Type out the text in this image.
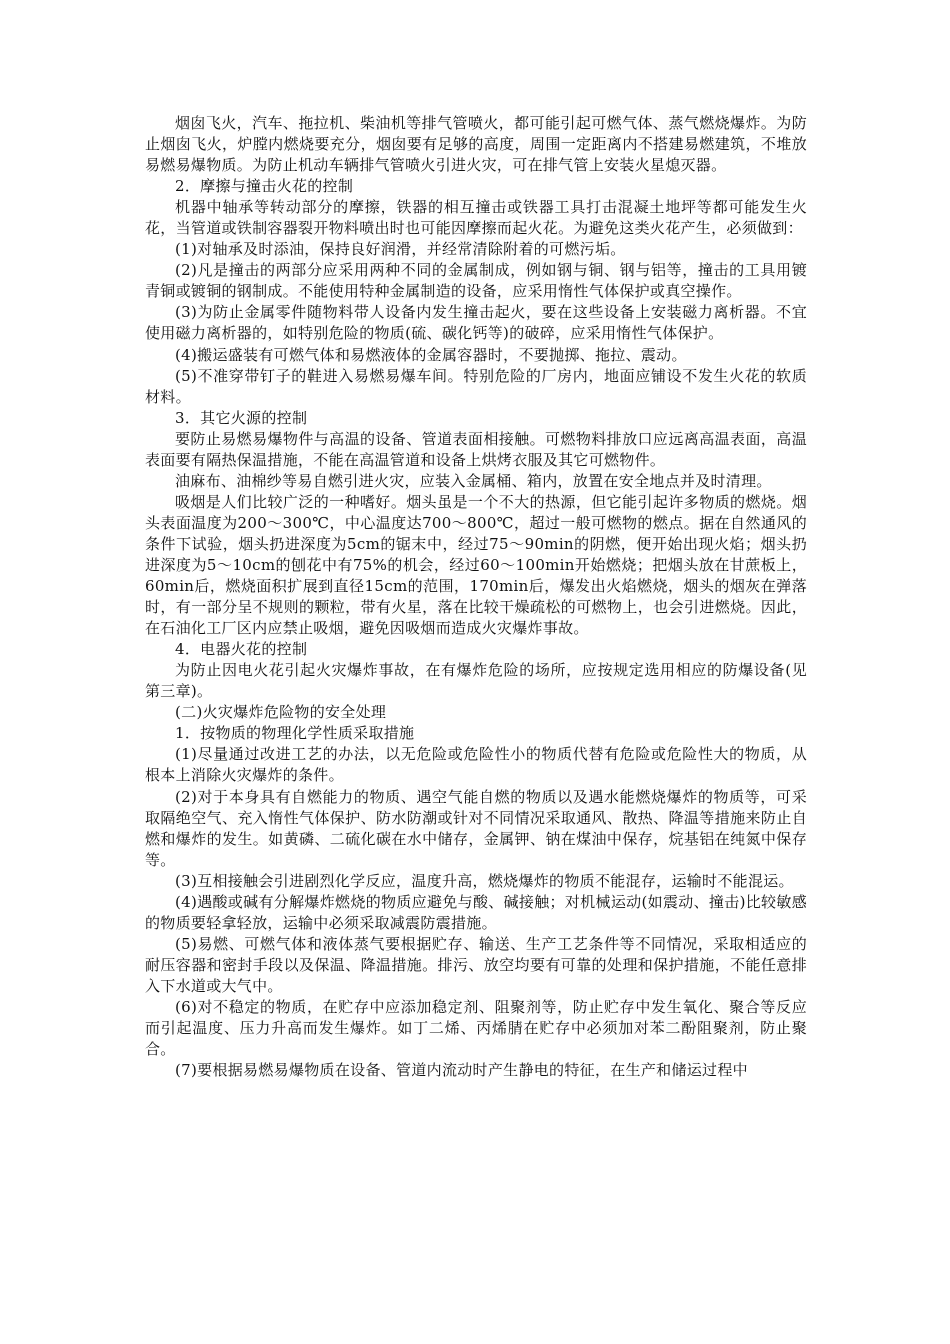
烟囱飞火，汽车、拖拉机、柴油机等排气管喷火，都可能引起可燃气体、蒸气燃烧爆炸。为防止烟囱飞火，炉膛内燃烧要充分，烟囱要有足够的高度，周围一定距离内不搭建易燃建筑，不堆放易燃易爆物质。为防止机动车辆排气管喷火引进火灾，可在排气管上安装火星熄灭器。

2．摩擦与撞击火花的控制

机器中轴承等转动部分的摩擦，铁器的相互撞击或铁器工具打击混凝土地坪等都可能发生火花，当管道或铁制容器裂开物料喷出时也可能因摩擦而起火花。为避免这类火花产生，必须做到：

(1)对轴承及时添油，保持良好润滑，并经常清除附着的可燃污垢。

(2)凡是撞击的两部分应采用两种不同的金属制成，例如钢与铜、钢与铝等，撞击的工具用镀青铜或镀铜的钢制成。不能使用特种金属制造的设备，应采用惰性气体保护或真空操作。

(3)为防止金属零件随物料带人设备内发生撞击起火，要在这些设备上安装磁力离析器。不宜使用磁力离析器的，如特别危险的物质(硫、碳化钙等)的破碎，应采用惰性气体保护。

(4)搬运盛装有可燃气体和易燃液体的金属容器时，不要抛掷、拖拉、震动。

(5)不准穿带钉子的鞋进入易燃易爆车间。特别危险的厂房内，地面应铺设不发生火花的软质材料。

3．其它火源的控制

要防止易燃易爆物件与高温的设备、管道表面相接触。可燃物料排放口应远离高温表面，高温表面要有隔热保温措施，不能在高温管道和设备上烘烤衣服及其它可燃物件。

油麻布、油棉纱等易自燃引进火灾，应装入金属桶、箱内，放置在安全地点并及时清理。

吸烟是人们比较广泛的一种嗜好。烟头虽是一个不大的热源，但它能引起许多物质的燃烧。烟头表面温度为200～300℃，中心温度达700～800℃，超过一般可燃物的燃点。据在自然通风的条件下试验，烟头扔进深度为5cm的锯末中，经过75～90min的阴燃，便开始出现火焰；烟头扔进深度为5～10cm的刨花中有75%的机会，经过60～100min开始燃烧；把烟头放在甘蔗板上，60min后，燃烧面积扩展到直径15cm的范围，170min后，爆发出火焰燃烧，烟头的烟灰在弹落时，有一部分呈不规则的颗粒，带有火星，落在比较干燥疏松的可燃物上，也会引进燃烧。因此，在石油化工厂区内应禁止吸烟，避免因吸烟而造成火灾爆炸事故。

4．电器火花的控制

为防止因电火花引起火灾爆炸事故，在有爆炸危险的场所，应按规定选用相应的防爆设备(见第三章)。

(二)火灾爆炸危险物的安全处理

1．按物质的物理化学性质采取措施

(1)尽量通过改进工艺的办法，以无危险或危险性小的物质代替有危险或危险性大的物质，从根本上消除火灾爆炸的条件。

(2)对于本身具有自燃能力的物质、遇空气能自燃的物质以及遇水能燃烧爆炸的物质等，可采取隔绝空气、充入惰性气体保护、防水防潮或针对不同情况采取通风、散热、降温等措施来防止自燃和爆炸的发生。如黄磷、二硫化碳在水中储存，金属钾、钠在煤油中保存，烷基铝在纯氮中保存等。

(3)互相接触会引进剧烈化学反应，温度升高，燃烧爆炸的物质不能混存，运输时不能混运。

(4)遇酸或碱有分解爆炸燃烧的物质应避免与酸、碱接触；对机械运动(如震动、撞击)比较敏感的物质要轻拿轻放，运输中必须采取减震防震措施。

(5)易燃、可燃气体和液体蒸气要根据贮存、输送、生产工艺条件等不同情况，采取相适应的耐压容器和密封手段以及保温、降温措施。排污、放空均要有可靠的处理和保护措施，不能任意排入下水道或大气中。

(6)对不稳定的物质，在贮存中应添加稳定剂、阻聚剂等，防止贮存中发生氧化、聚合等反应而引起温度、压力升高而发生爆炸。如丁二烯、丙烯腈在贮存中必须加对苯二酚阻聚剂，防止聚合。

(7)要根据易燃易爆物质在设备、管道内流动时产生静电的特征，在生产和储运过程中
